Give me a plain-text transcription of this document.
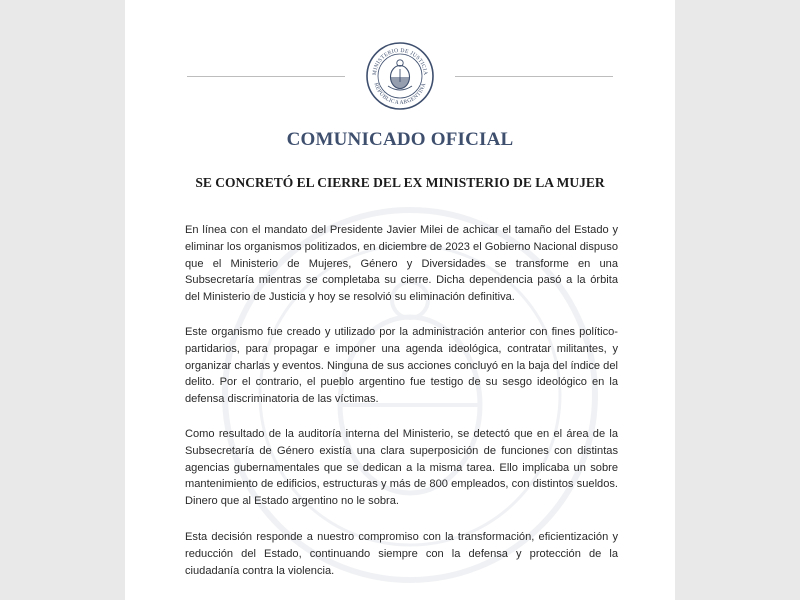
MINISTERIO DE JUSTICIA
REPÚBLICA ARGENTINA
COMUNICADO OFICIAL
SE CONCRETÓ EL CIERRE DEL EX MINISTERIO DE LA MUJER
En línea con el mandato del Presidente Javier Milei de achicar el tamaño del Estado y eliminar los organismos politizados, en diciembre de 2023 el Gobierno Nacional dispuso que el Ministerio de Mujeres, Género y Diversidades se transforme en una Subsecretaría mientras se completaba su cierre. Dicha dependencia pasó a la órbita del Ministerio de Justicia y hoy se resolvió su eliminación definitiva.
Este organismo fue creado y utilizado por la administración anterior con fines político-partidarios, para propagar e imponer una agenda ideológica, contratar militantes, y organizar charlas y eventos. Ninguna de sus acciones concluyó en la baja del índice del delito. Por el contrario, el pueblo argentino fue testigo de su sesgo ideológico en la defensa discriminatoria de las víctimas.
Como resultado de la auditoría interna del Ministerio, se detectó que en el área de la Subsecretaría de Género existía una clara superposición de funciones con distintas agencias gubernamentales que se dedican a la misma tarea. Ello implicaba un sobre mantenimiento de edificios, estructuras y más de 800 empleados, con distintos sueldos. Dinero que al Estado argentino no le sobra.
Esta decisión responde a nuestro compromiso con la transformación, eficientización y reducción del Estado, continuando siempre con la defensa y protección de la ciudadanía contra la violencia.
